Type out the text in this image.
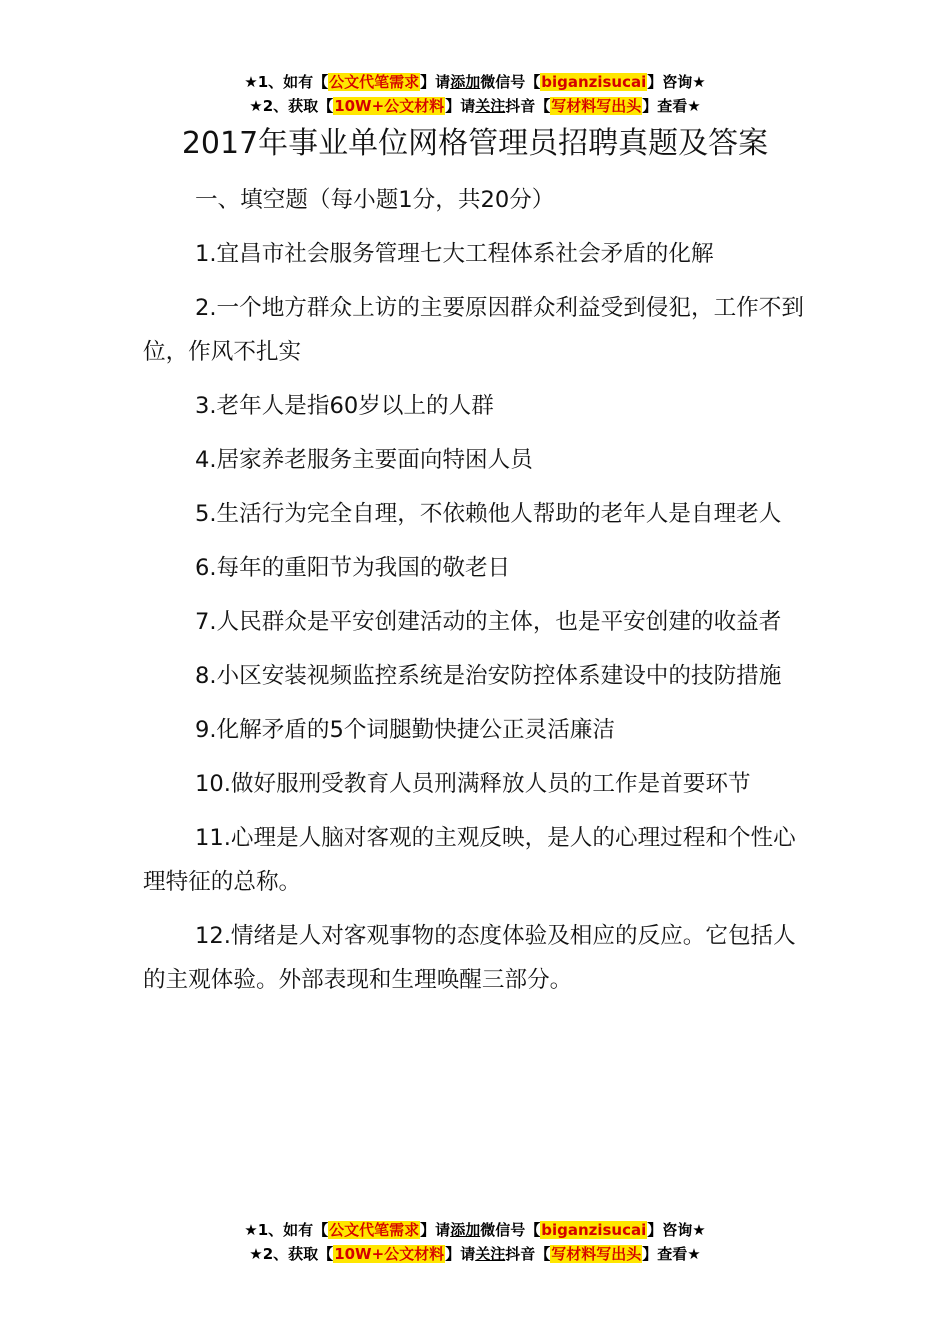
★1、如有【公文代笔需求】请添加微信号【biganzisucai】咨询★
★2、获取【10W+公文材料】请关注抖音【写材料写出头】查看★
2017年事业单位网格管理员招聘真题及答案

一、填空题（每小题1分，共20分）

1.宜昌市社会服务管理七大工程体系社会矛盾的化解

2.一个地方群众上访的主要原因群众利益受到侵犯，工作不到位，作风不扎实

3.老年人是指60岁以上的人群

4.居家养老服务主要面向特困人员

5.生活行为完全自理，不依赖他人帮助的老年人是自理老人

6.每年的重阳节为我国的敬老日

7.人民群众是平安创建活动的主体，也是平安创建的收益者

8.小区安装视频监控系统是治安防控体系建设中的技防措施

9.化解矛盾的5个词腿勤快捷公正灵活廉洁

10.做好服刑受教育人员刑满释放人员的工作是首要环节

11.心理是人脑对客观的主观反映，是人的心理过程和个性心理特征的总称。

12.情绪是人对客观事物的态度体验及相应的反应。它包括人的主观体验。外部表现和生理唤醒三部分。

★1、如有【公文代笔需求】请添加微信号【biganzisucai】咨询★
★2、获取【10W+公文材料】请关注抖音【写材料写出头】查看★
